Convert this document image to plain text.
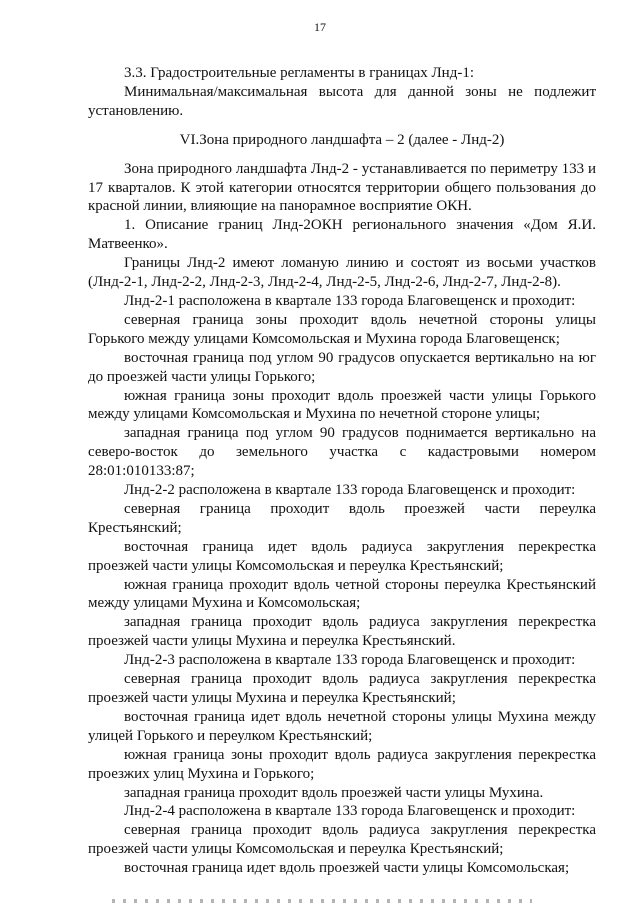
17

3.3. Градостроительные регламенты в границах Лнд-1:

Минимальная/максимальная высота для данной зоны не подлежит установлению.

VI.Зона природного ландшафта – 2 (далее - Лнд-2)

Зона природного ландшафта Лнд-2 - устанавливается по периметру 133 и 17 кварталов. К этой категории относятся территории общего пользования до красной линии, влияющие на панорамное восприятие ОКН.

1. Описание границ Лнд-2ОКН регионального значения «Дом Я.И. Матвеенко».

Границы Лнд-2 имеют ломаную линию и состоят из восьми участков (Лнд-2-1, Лнд-2-2, Лнд-2-3, Лнд-2-4, Лнд-2-5, Лнд-2-6, Лнд-2-7, Лнд-2-8).

Лнд-2-1 расположена в квартале 133 города Благовещенск и проходит:

северная граница зоны проходит вдоль нечетной стороны улицы Горького между улицами Комсомольская и Мухина города Благовещенск;

восточная граница под углом 90 градусов опускается вертикально на юг до проезжей части улицы Горького;

южная граница зоны проходит вдоль проезжей части улицы Горького между улицами Комсомольская и Мухина по нечетной стороне улицы;

западная граница под углом 90 градусов поднимается вертикально на северо-восток до земельного участка с кадастровыми номером 28:01:010133:87;

Лнд-2-2 расположена в квартале 133 города Благовещенск и проходит:

северная граница проходит вдоль проезжей части переулка Крестьянский;

восточная граница идет вдоль радиуса закругления перекрестка проезжей части улицы Комсомольская и переулка Крестьянский;

южная граница проходит вдоль четной стороны переулка Крестьянский между улицами Мухина и Комсомольская;

западная граница проходит вдоль радиуса закругления перекрестка проезжей части улицы Мухина и переулка Крестьянский.

Лнд-2-3 расположена в квартале 133 города Благовещенск и проходит:

северная граница проходит вдоль радиуса закругления перекрестка проезжей части улицы Мухина и переулка Крестьянский;

восточная граница идет вдоль нечетной стороны улицы Мухина между улицей Горького и переулком Крестьянский;

южная граница зоны проходит вдоль радиуса закругления перекрестка проезжих улиц Мухина и Горького;

западная граница проходит вдоль проезжей части улицы Мухина.

Лнд-2-4 расположена в квартале 133 города Благовещенск и проходит:

северная граница проходит вдоль радиуса закругления перекрестка проезжей части улицы Комсомольская и переулка Крестьянский;

восточная граница идет вдоль проезжей части улицы Комсомольская;
